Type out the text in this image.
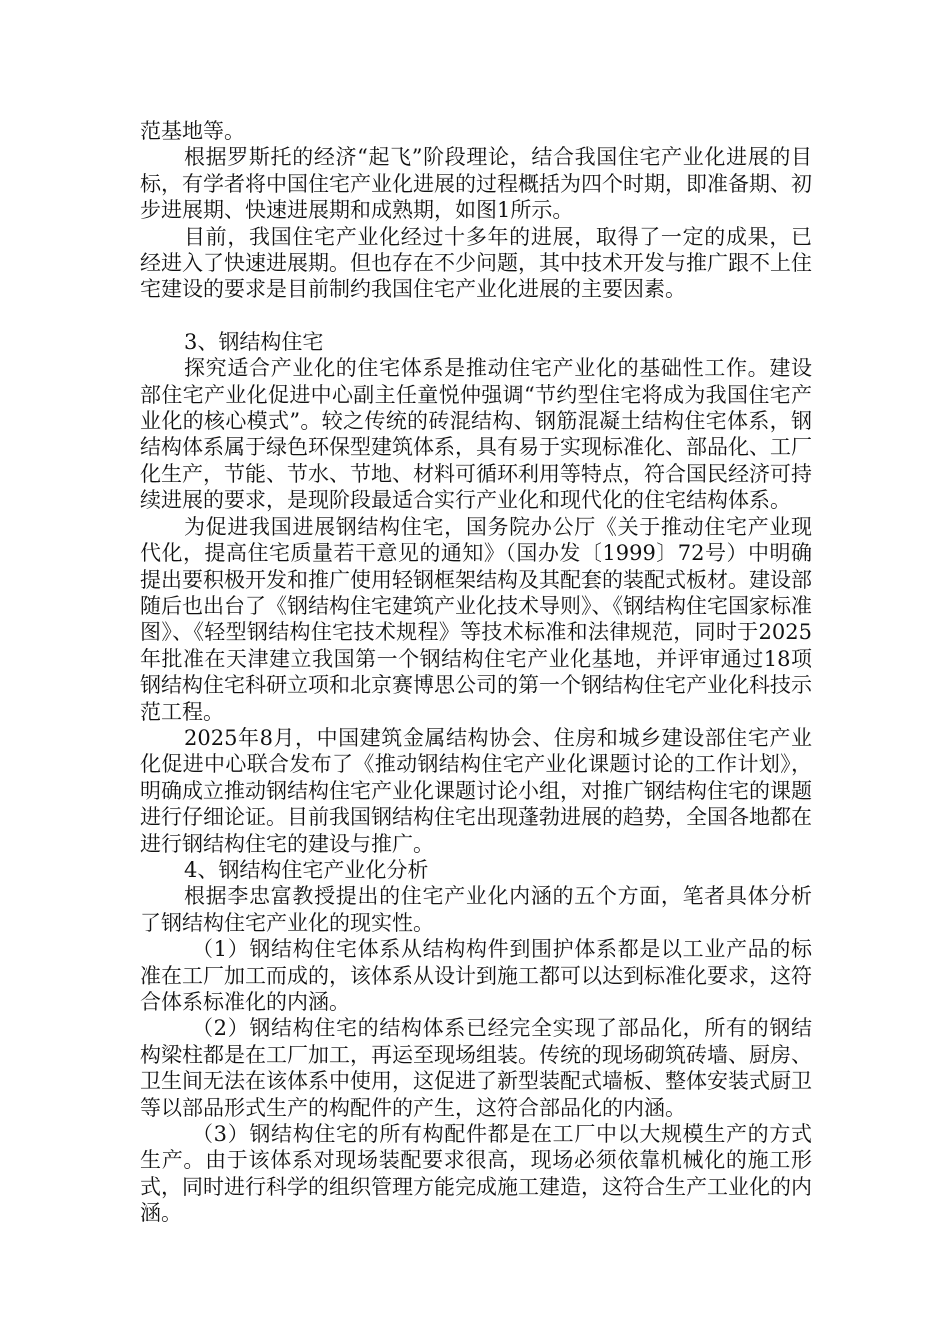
范基地等。

根据罗斯托的经济“起飞”阶段理论，结合我国住宅产业化进展的目标，有学者将中国住宅产业化进展的过程概括为四个时期，即准备期、初步进展期、快速进展期和成熟期，如图1所示。

目前，我国住宅产业化经过十多年的进展，取得了一定的成果，已经进入了快速进展期。但也存在不少问题，其中技术开发与推广跟不上住宅建设的要求是目前制约我国住宅产业化进展的主要因素。

3、钢结构住宅

探究适合产业化的住宅体系是推动住宅产业化的基础性工作。建设部住宅产业化促进中心副主任童悦仲强调“节约型住宅将成为我国住宅产业化的核心模式”。较之传统的砖混结构、钢筋混凝土结构住宅体系，钢结构体系属于绿色环保型建筑体系，具有易于实现标准化、部品化、工厂化生产，节能、节水、节地、材料可循环利用等特点，符合国民经济可持续进展的要求，是现阶段最适合实行产业化和现代化的住宅结构体系。

为促进我国进展钢结构住宅，国务院办公厅《关于推动住宅产业现代化，提高住宅质量若干意见的通知》（国办发〔1999〕72号）中明确提出要积极开发和推广使用轻钢框架结构及其配套的装配式板材。建设部随后也出台了《钢结构住宅建筑产业化技术导则》、《钢结构住宅国家标准图》、《轻型钢结构住宅技术规程》等技术标准和法律规范，同时于2025年批准在天津建立我国第一个钢结构住宅产业化基地，并评审通过18项钢结构住宅科研立项和北京赛博思公司的第一个钢结构住宅产业化科技示范工程。

2025年8月，中国建筑金属结构协会、住房和城乡建设部住宅产业化促进中心联合发布了《推动钢结构住宅产业化课题讨论的工作计划》，明确成立推动钢结构住宅产业化课题讨论小组，对推广钢结构住宅的课题进行仔细论证。目前我国钢结构住宅出现蓬勃进展的趋势，全国各地都在进行钢结构住宅的建设与推广。

4、钢结构住宅产业化分析

根据李忠富教授提出的住宅产业化内涵的五个方面，笔者具体分析了钢结构住宅产业化的现实性。

（1）钢结构住宅体系从结构构件到围护体系都是以工业产品的标准在工厂加工而成的，该体系从设计到施工都可以达到标准化要求，这符合体系标准化的内涵。

（2）钢结构住宅的结构体系已经完全实现了部品化，所有的钢结构梁柱都是在工厂加工，再运至现场组装。传统的现场砌筑砖墙、厨房、卫生间无法在该体系中使用，这促进了新型装配式墙板、整体安装式厨卫等以部品形式生产的构配件的产生，这符合部品化的内涵。

（3）钢结构住宅的所有构配件都是在工厂中以大规模生产的方式生产。由于该体系对现场装配要求很高，现场必须依靠机械化的施工形式，同时进行科学的组织管理方能完成施工建造，这符合生产工业化的内涵。
